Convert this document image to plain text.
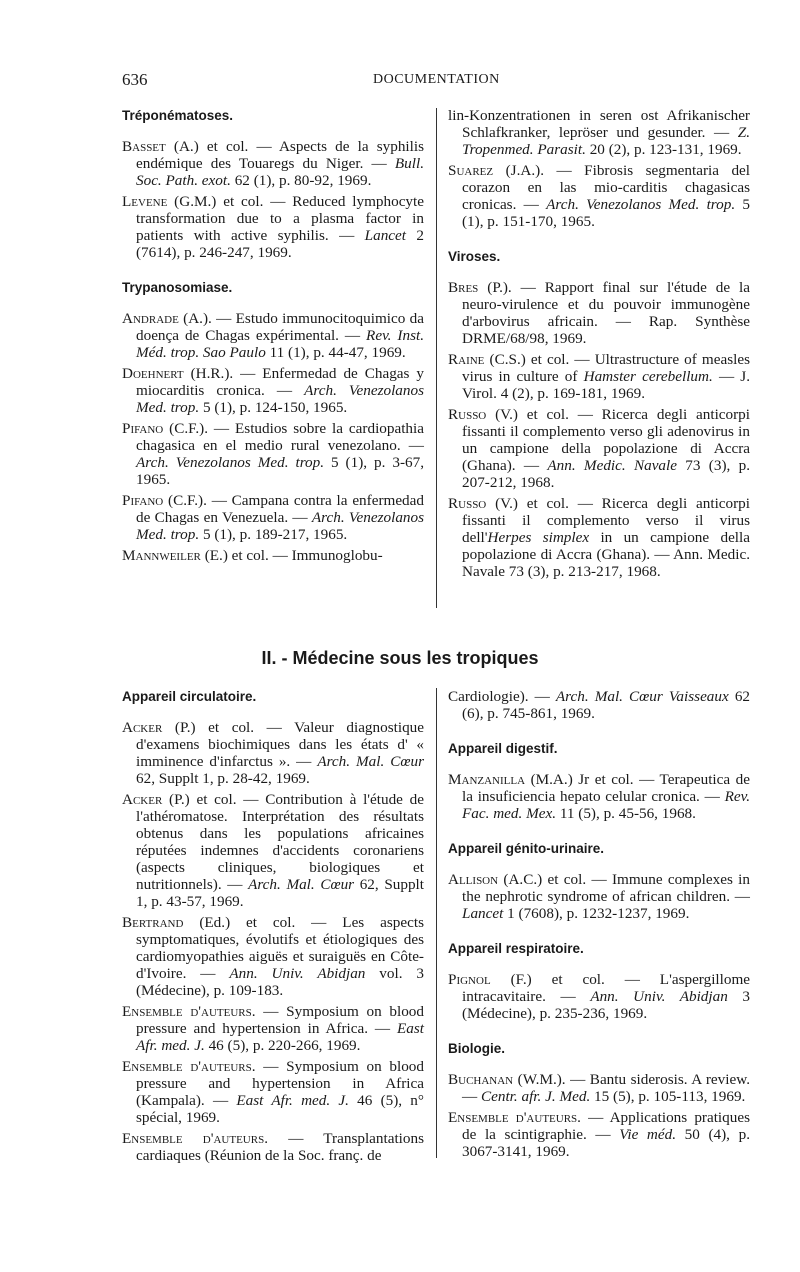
636	DOCUMENTATION
Tréponématoses.
Basset (A.) et col. — Aspects de la syphilis endémique des Touaregs du Niger. — Bull. Soc. Path. exot. 62 (1), p. 80-92, 1969.
Levene (G.M.) et col. — Reduced lymphocyte transformation due to a plasma factor in patients with active syphilis. — Lancet 2 (7614), p. 246-247, 1969.
Trypanosomiase.
Andrade (A.). — Estudo immunocitoquimico da doença de Chagas expérimental. — Rev. Inst. Méd. trop. Sao Paulo 11 (1), p. 44-47, 1969.
Doehnert (H.R.). — Enfermedad de Chagas y miocarditis cronica. — Arch. Venezolanos Med. trop. 5 (1), p. 124-150, 1965.
Pifano (C.F.). — Estudios sobre la cardiopathia chagasica en el medio rural venezolano. — Arch. Venezolanos Med. trop. 5 (1), p. 3-67, 1965.
Pifano (C.F.). — Campana contra la enfermedad de Chagas en Venezuela. — Arch. Venezolanos Med. trop. 5 (1), p. 189-217, 1965.
Mannweiler (E.) et col. — Immunoglobu-
lin-Konzentrationen in seren ost Afrikanischer Schlafkranker, lepröser und gesunder. — Z. Tropenmed. Parasit. 20 (2), p. 123-131, 1969.
Suarez (J.A.). — Fibrosis segmentaria del corazon en las mio-carditis chagasicas cronicas. — Arch. Venezolanos Med. trop. 5 (1), p. 151-170, 1965.
Viroses.
Bres (P.). — Rapport final sur l'étude de la neuro-virulence et du pouvoir immunogène d'arbovirus africain. — Rap. Synthèse DRME/68/98, 1969.
Raine (C.S.) et col. — Ultrastructure of measles virus in culture of Hamster cerebellum. — J. Virol. 4 (2), p. 169-181, 1969.
Russo (V.) et col. — Ricerca degli anticorpi fissanti il complemento verso gli adenovirus in un campione della popolazione di Accra (Ghana). — Ann. Medic. Navale 73 (3), p. 207-212, 1968.
Russo (V.) et col. — Ricerca degli anticorpi fissanti il complemento verso il virus dell'Herpes simplex in un campione della popolazione di Accra (Ghana). — Ann. Medic. Navale 73 (3), p. 213-217, 1968.
II. - Médecine sous les tropiques
Appareil circulatoire.
Acker (P.) et col. — Valeur diagnostique d'examens biochimiques dans les états d' « imminence d'infarctus ». — Arch. Mal. Cœur 62, Supplt 1, p. 28-42, 1969.
Acker (P.) et col. — Contribution à l'étude de l'athéromatose. Interprétation des résultats obtenus dans les populations africaines réputées indemnes d'accidents coronariens (aspects cliniques, biologiques et nutritionnels). — Arch. Mal. Cœur 62, Supplt 1, p. 43-57, 1969.
Bertrand (Ed.) et col. — Les aspects symptomatiques, évolutifs et étiologiques des cardiomyopathies aiguës et suraiguës en Côte-d'Ivoire. — Ann. Univ. Abidjan vol. 3 (Médecine), p. 109-183.
Ensemble d'auteurs. — Symposium on blood pressure and hypertension in Africa. — East Afr. med. J. 46 (5), p. 220-266, 1969.
Ensemble d'auteurs. — Symposium on blood pressure and hypertension in Africa (Kampala). — East Afr. med. J. 46 (5), n° spécial, 1969.
Ensemble d'auteurs. — Transplantations cardiaques (Réunion de la Soc. franç. de
Cardiologie). — Arch. Mal. Cœur Vaisseaux 62 (6), p. 745-861, 1969.
Appareil digestif.
Manzanilla (M.A.) Jr et col. — Terapeutica de la insuficiencia hepato celular cronica. — Rev. Fac. med. Mex. 11 (5), p. 45-56, 1968.
Appareil génito-urinaire.
Allison (A.C.) et col. — Immune complexes in the nephrotic syndrome of african children. — Lancet 1 (7608), p. 1232-1237, 1969.
Appareil respiratoire.
Pignol (F.) et col. — L'aspergillome intracavitaire. — Ann. Univ. Abidjan 3 (Médecine), p. 235-236, 1969.
Biologie.
Buchanan (W.M.). — Bantu siderosis. A review. — Centr. afr. J. Med. 15 (5), p. 105-113, 1969.
Ensemble d'auteurs. — Applications pratiques de la scintigraphie. — Vie méd. 50 (4), p. 3067-3141, 1969.
